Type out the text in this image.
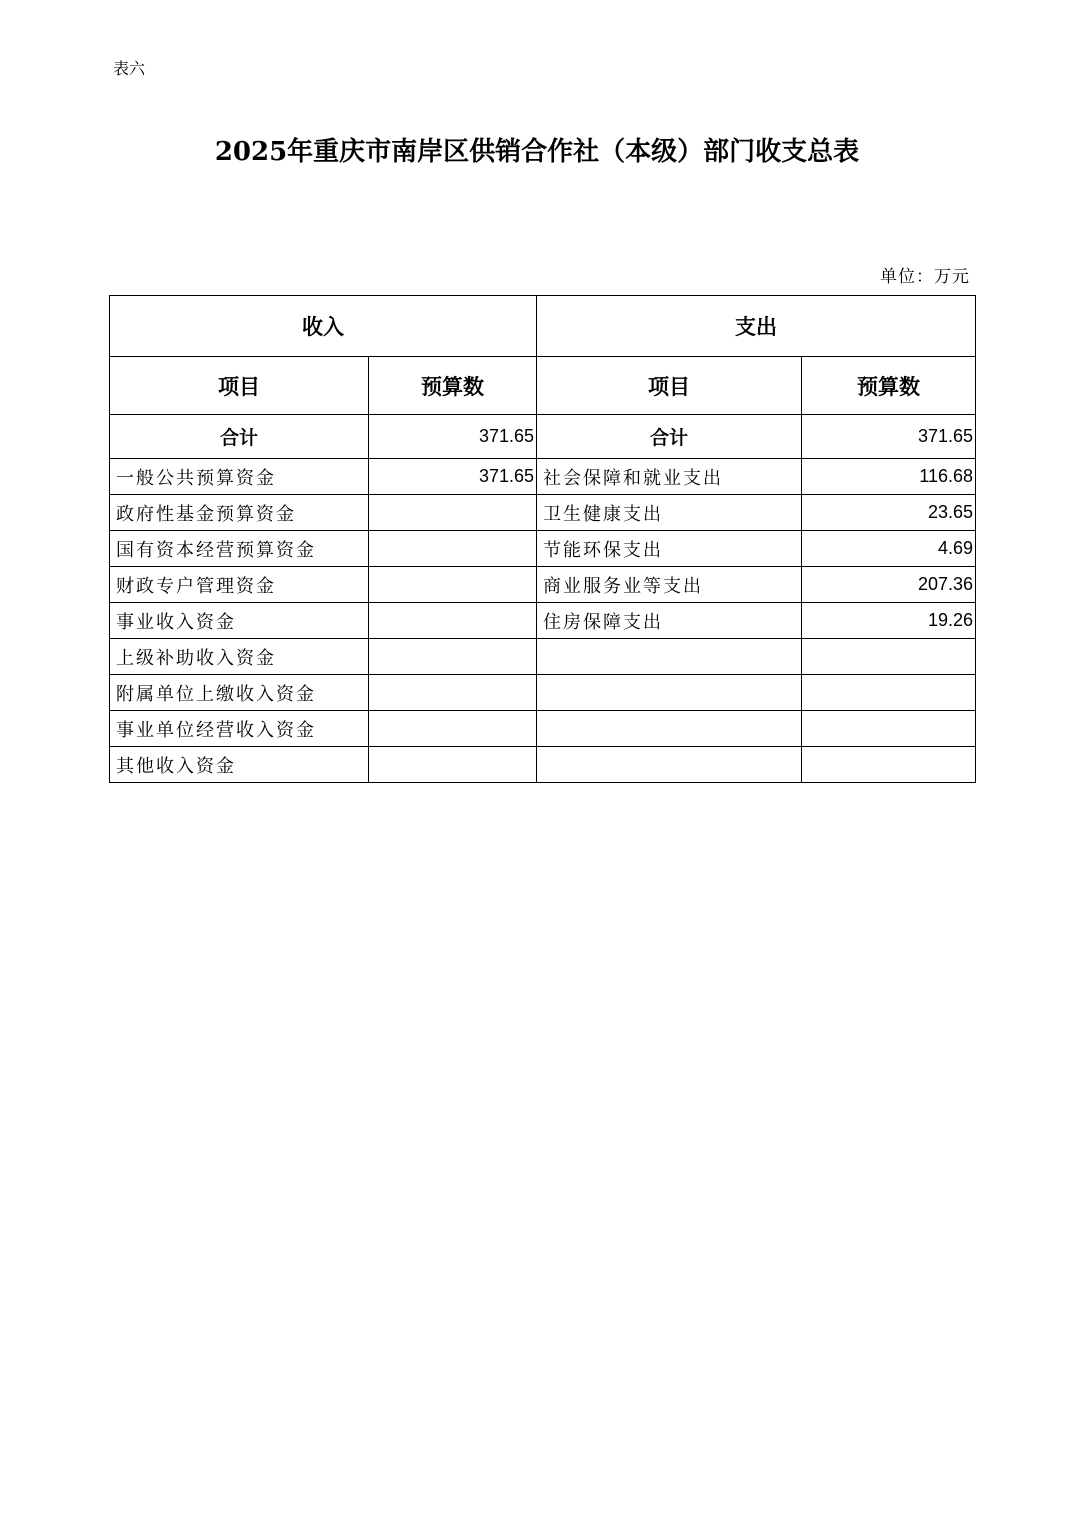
表六
2025年重庆市南岸区供销合作社（本级）部门收支总表
单位：万元
收入		支出	
项目	预算数	项目	预算数
合计	371.65	合计	371.65
一般公共预算资金	371.65	社会保障和就业支出	116.68
政府性基金预算资金		卫生健康支出	23.65
国有资本经营预算资金		节能环保支出	4.69
财政专户管理资金		商业服务业等支出	207.36
事业收入资金		住房保障支出	19.26
上级补助收入资金			
附属单位上缴收入资金			
事业单位经营收入资金			
其他收入资金			
